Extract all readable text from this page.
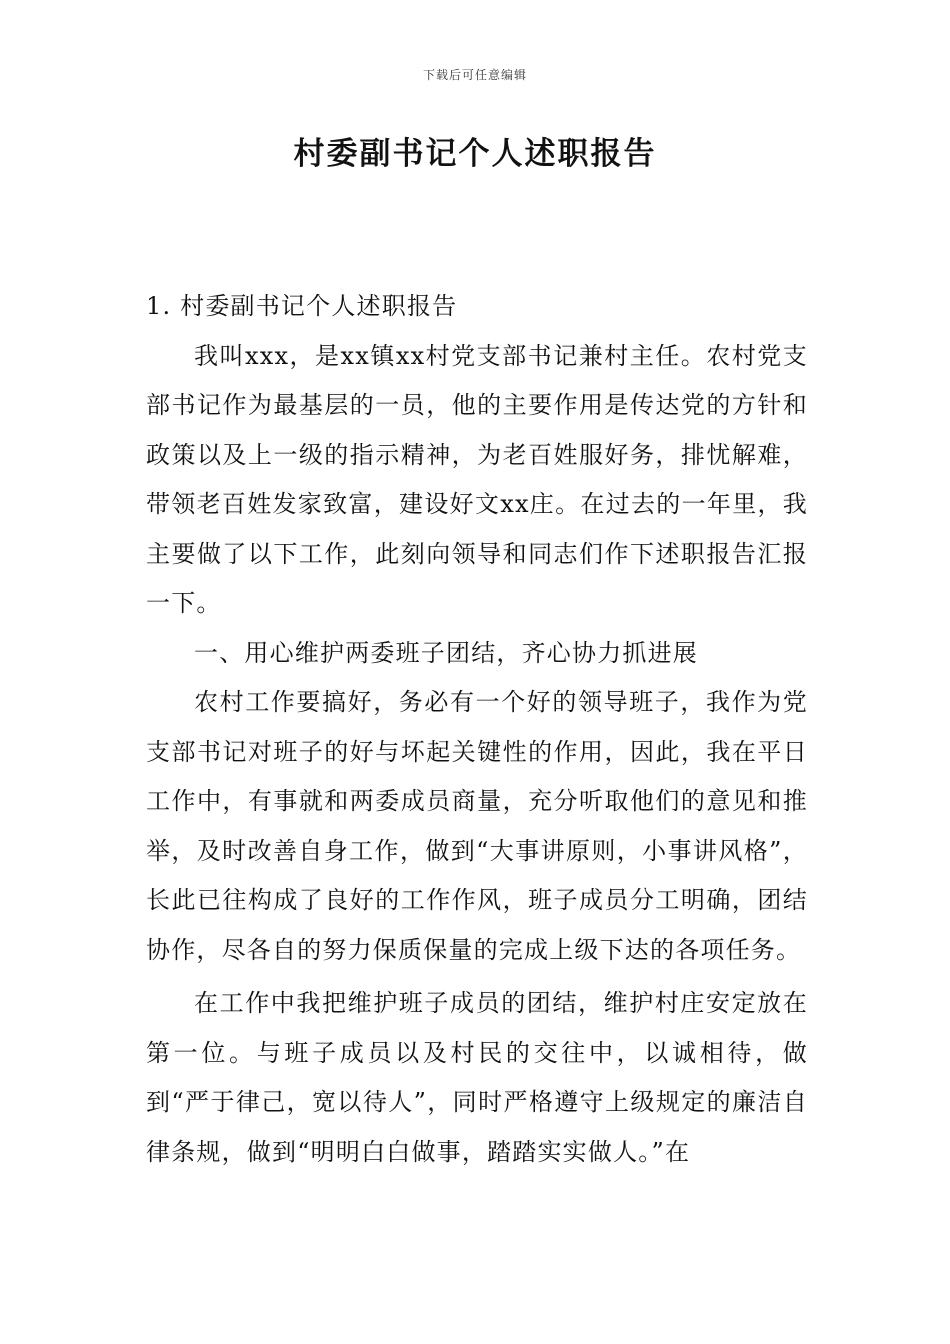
下载后可任意编辑
村委副书记个人述职报告

1. 村委副书记个人述职报告

我叫xxx，是xx镇xx村党支部书记兼村主任。农村党支部书记作为最基层的一员，他的主要作用是传达党的方针和政策以及上一级的指示精神，为老百姓服好务，排忧解难，带领老百姓发家致富，建设好文xx庄。在过去的一年里，我主要做了以下工作，此刻向领导和同志们作下述职报告汇报一下。

一、用心维护两委班子团结，齐心协力抓进展

农村工作要搞好，务必有一个好的领导班子，我作为党支部书记对班子的好与坏起关键性的作用，因此，我在平日工作中，有事就和两委成员商量，充分听取他们的意见和推举，及时改善自身工作，做到“大事讲原则，小事讲风格”，长此已往构成了良好的工作作风，班子成员分工明确，团结协作，尽各自的努力保质保量的完成上级下达的各项任务。

在工作中我把维护班子成员的团结，维护村庄安定放在第一位。与班子成员以及村民的交往中，以诚相待，做到“严于律己，宽以待人”，同时严格遵守上级规定的廉洁自律条规，做到“明明白白做事，踏踏实实做人。”在
